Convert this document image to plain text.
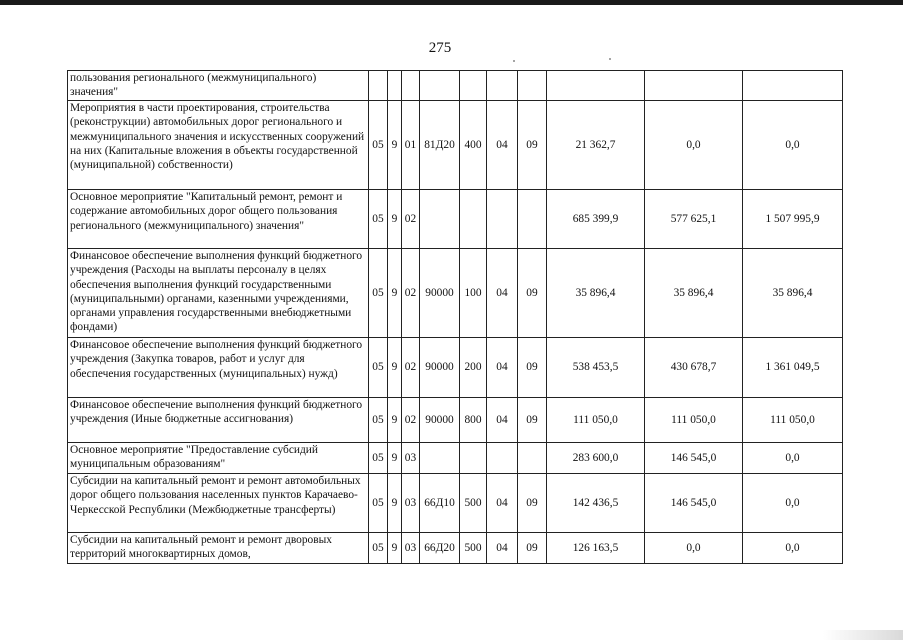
275
пользования регионального (межмуниципального) значения"										
Мероприятия в части проектирования, строительства (реконструкции) автомобильных дорог регионального и межмуниципального значения и искусственных сооружений на них (Капитальные вложения в объекты государственной (муниципальной) собственности)	05	9	01	81Д20	400	04	09	21 362,7	0,0	0,0
Основное мероприятие "Капитальный ремонт, ремонт и содержание автомобильных дорог общего пользования регионального (межмуниципального) значения"	05	9	02					685 399,9	577 625,1	1 507 995,9
Финансовое обеспечение выполнения функций бюджетного учреждения (Расходы на выплаты персоналу в целях обеспечения выполнения функций государственными (муниципальными) органами, казенными учреждениями, органами управления государственными внебюджетными фондами)	05	9	02	90000	100	04	09	35 896,4	35 896,4	35 896,4
Финансовое обеспечение выполнения функций бюджетного учреждения (Закупка товаров, работ и услуг для обеспечения государственных (муниципальных) нужд)	05	9	02	90000	200	04	09	538 453,5	430 678,7	1 361 049,5
Финансовое обеспечение выполнения функций бюджетного учреждения (Иные бюджетные ассигнования)	05	9	02	90000	800	04	09	111 050,0	111 050,0	111 050,0
Основное мероприятие "Предоставление субсидий муниципальным образованиям"	05	9	03					283 600,0	146 545,0	0,0
Субсидии на капитальный ремонт и ремонт автомобильных дорог общего пользования населенных пунктов Карачаево-Черкесской Республики (Межбюджетные трансферты)	05	9	03	66Д10	500	04	09	142 436,5	146 545,0	0,0
Субсидии на капитальный ремонт и ремонт дворовых территорий многоквартирных домов,	05	9	03	66Д20	500	04	09	126 163,5	0,0	0,0
